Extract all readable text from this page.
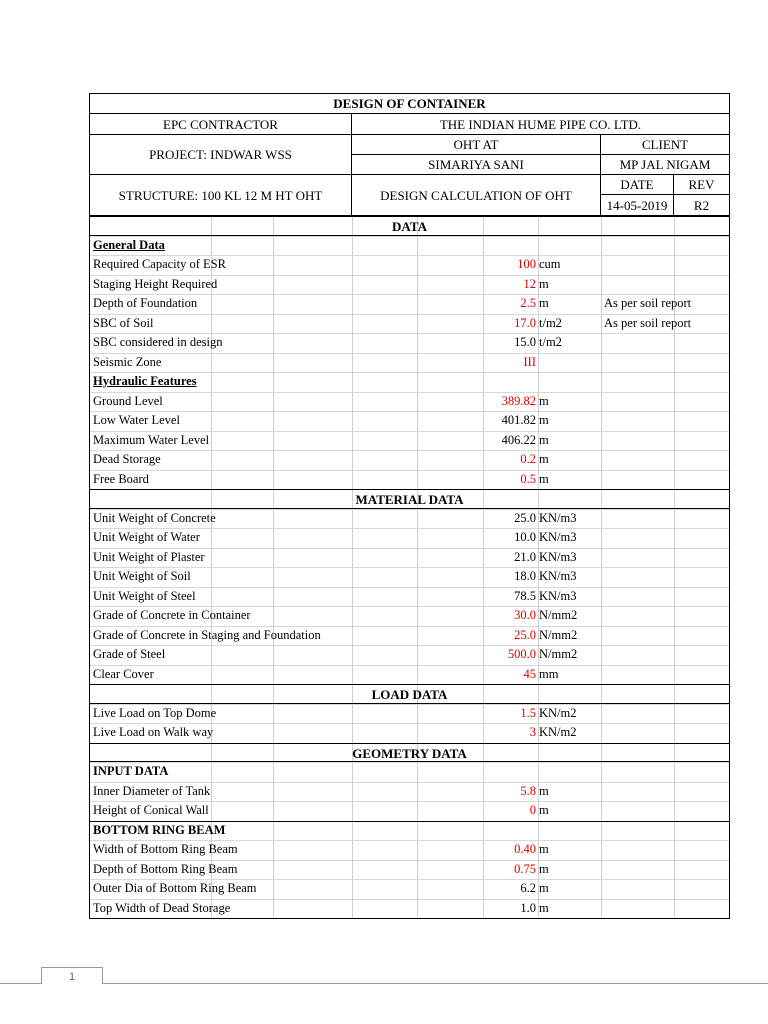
DESIGN OF CONTAINER
EPC CONTRACTOR	THE INDIAN HUME PIPE CO. LTD.
PROJECT: INDWAR WSS
OHT AT	CLIENT
SIMARIYA SANI	MP JAL NIGAM
STRUCTURE: 100 KL 12 M HT OHT	DESIGN CALCULATION OF OHT
DATE	REV
14-05-2019	R2
DATA
General Data
Required Capacity of ESR	100 cum
Staging Height Required	12 m
Depth of Foundation	2.5 m	As per soil report
SBC of Soil	17.0 t/m2	As per soil report
SBC considered in design	15.0 t/m2
Seismic Zone	III
Hydraulic Features
Ground Level	389.82 m
Low Water Level	401.82 m
Maximum Water Level	406.22 m
Dead Storage	0.2 m
Free Board	0.5 m
MATERIAL DATA
Unit Weight of Concrete	25.0 KN/m3
Unit Weight of Water	10.0 KN/m3
Unit Weight of Plaster	21.0 KN/m3
Unit Weight of Soil	18.0 KN/m3
Unit Weight of Steel	78.5 KN/m3
Grade of Concrete in Container	30.0 N/mm2
Grade of Concrete in Staging and Foundation	25.0 N/mm2
Grade of Steel	500.0 N/mm2
Clear Cover	45 mm
LOAD DATA
Live Load on Top Dome	1.5 KN/m2
Live Load on Walk way	3 KN/m2
GEOMETRY DATA
INPUT DATA
Inner Diameter of Tank	5.8 m
Height of Conical Wall	0 m
BOTTOM RING BEAM
Width of Bottom Ring Beam	0.40 m
Depth of Bottom Ring Beam	0.75 m
Outer Dia of Bottom Ring Beam	6.2 m
Top Width of Dead Storage	1.0 m
1
